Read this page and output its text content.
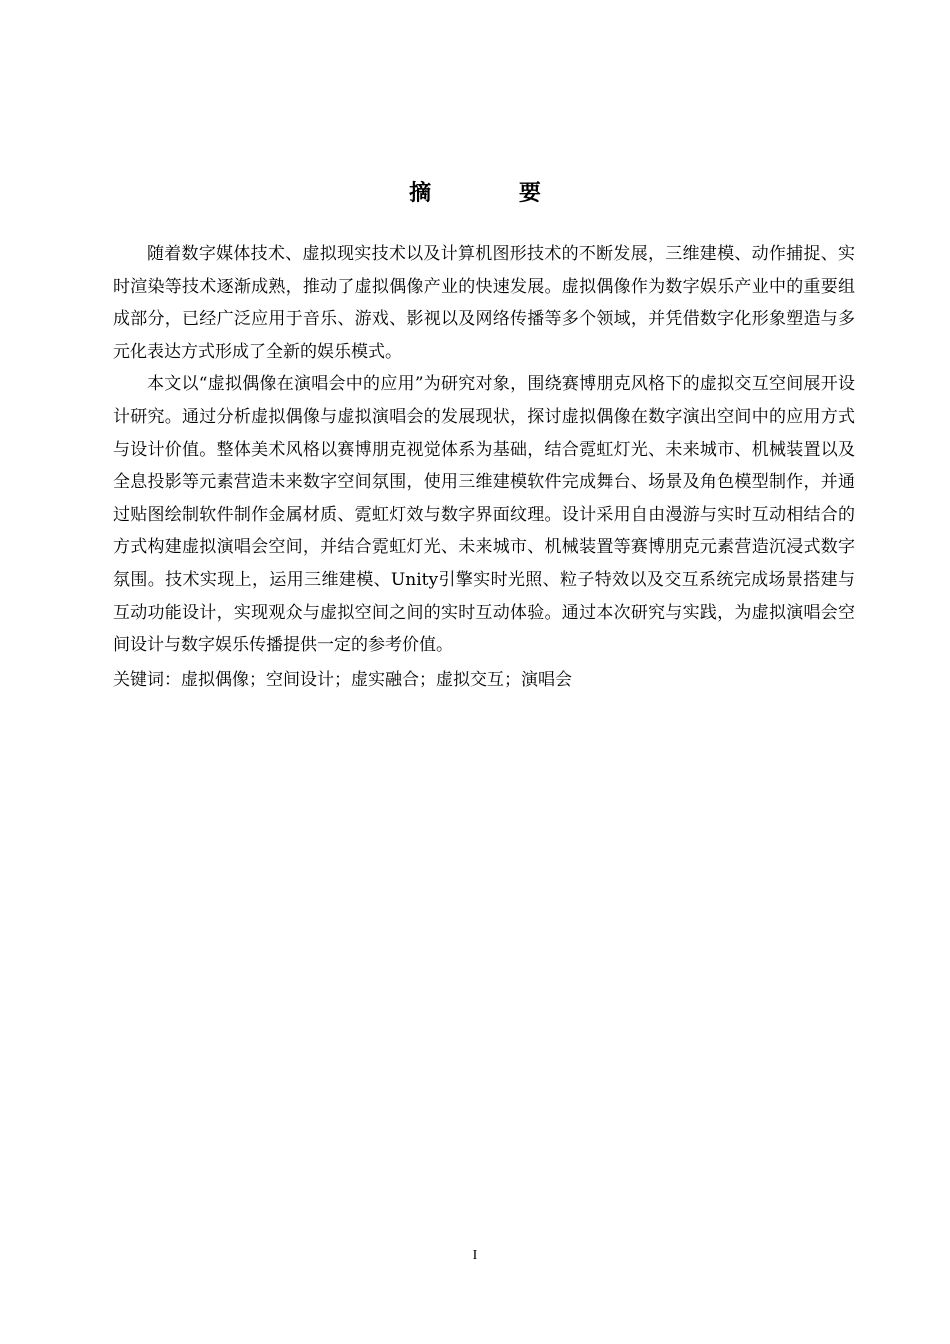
摘 要

随着数字媒体技术、虚拟现实技术以及计算机图形技术的不断发展，三维建模、动作捕捉、实时渲染等技术逐渐成熟，推动了虚拟偶像产业的快速发展。虚拟偶像作为数字娱乐产业中的重要组成部分，已经广泛应用于音乐、游戏、影视以及网络传播等多个领域，并凭借数字化形象塑造与多元化表达方式形成了全新的娱乐模式。

本文以“虚拟偶像在演唱会中的应用”为研究对象，围绕赛博朋克风格下的虚拟交互空间展开设计研究。通过分析虚拟偶像与虚拟演唱会的发展现状，探讨虚拟偶像在数字演出空间中的应用方式与设计价值。整体美术风格以赛博朋克视觉体系为基础，结合霓虹灯光、未来城市、机械装置以及全息投影等元素营造未来数字空间氛围，使用三维建模软件完成舞台、场景及角色模型制作，并通过贴图绘制软件制作金属材质、霓虹灯效与数字界面纹理。设计采用自由漫游与实时互动相结合的方式构建虚拟演唱会空间，并结合霓虹灯光、未来城市、机械装置等赛博朋克元素营造沉浸式数字氛围。技术实现上，运用三维建模、Unity引擎实时光照、粒子特效以及交互系统完成场景搭建与互动功能设计，实现观众与虚拟空间之间的实时互动体验。通过本次研究与实践，为虚拟演唱会空间设计与数字娱乐传播提供一定的参考价值。

关键词：虚拟偶像；空间设计；虚实融合；虚拟交互；演唱会

I
